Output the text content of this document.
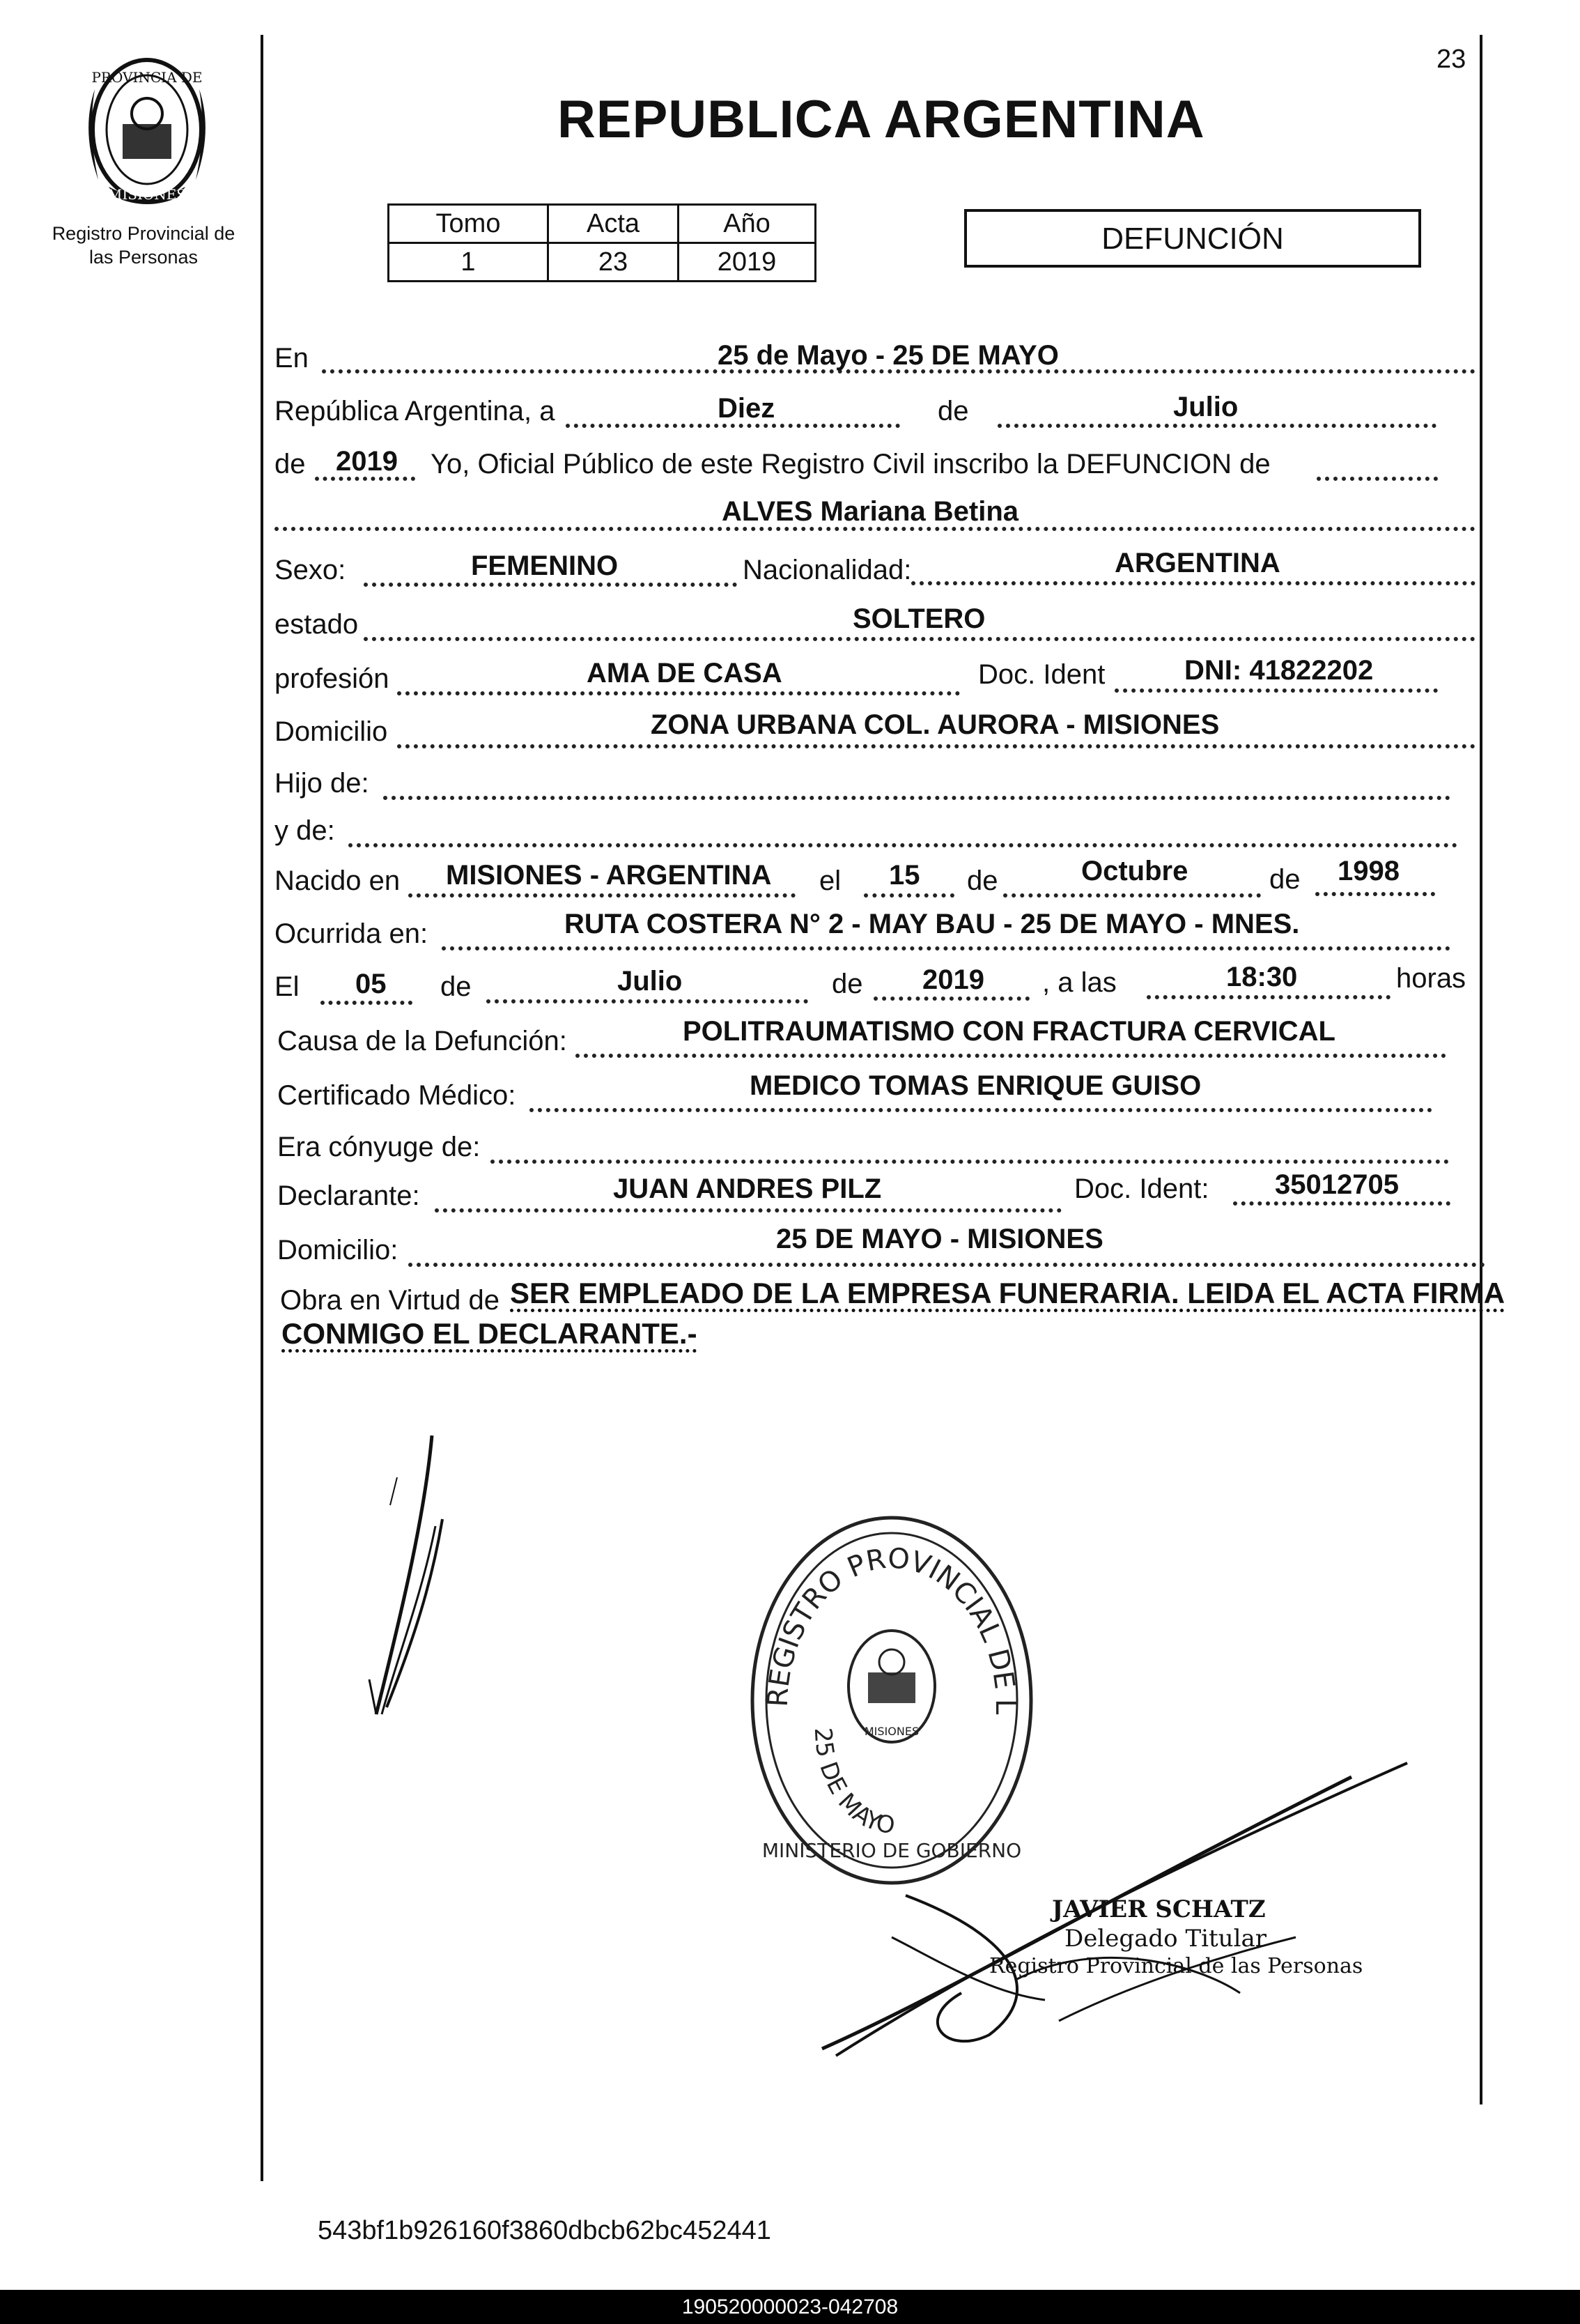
PROVINCIA DE
MISIONES
Registro Provincial de
las Personas
23
REPUBLICA ARGENTINA
Tomo	Acta	Año
1	23	2019
DEFUNCIÓN
En	25 de Mayo - 25 DE MAYO
República Argentina, a	Diez	de	Julio
de 2019 Yo, Oficial Público de este Registro Civil inscribo la DEFUNCION de
ALVES Mariana Betina
Sexo:	FEMENINO	Nacionalidad:	ARGENTINA
estado	SOLTERO
profesión	AMA DE CASA	Doc. Ident	DNI: 41822202
Domicilio	ZONA URBANA COL. AURORA - MISIONES
Hijo de:
y de:
Nacido en MISIONES - ARGENTINA el 15 de	Octubre	de 1998
Ocurrida en:	RUTA COSTERA N° 2 - MAY BAU - 25 DE MAYO - MNES.
El 05 de	Julio	de 2019 , a las	18:30	horas
Causa de la Defunción:	POLITRAUMATISMO CON FRACTURA CERVICAL
Certificado Médico:	MEDICO TOMAS ENRIQUE GUISO
Era cónyuge de:
Declarante:	JUAN ANDRES PILZ	Doc. Ident: 35012705
Domicilio:	25 DE MAYO - MISIONES
Obra en Virtud de SER EMPLEADO DE LA EMPRESA FUNERARIA. LEIDA EL ACTA FIRMA
CONMIGO EL DECLARANTE.-
REGISTRO PROVINCIAL DE L
25 DE MAYO
MINISTERIO DE GOBIERNO
MISIONES
JAVIER SCHATZ
Delegado Titular
Registro Provincial de las Personas
543bf1b926160f3860dbcb62bc452441
190520000023-042708
